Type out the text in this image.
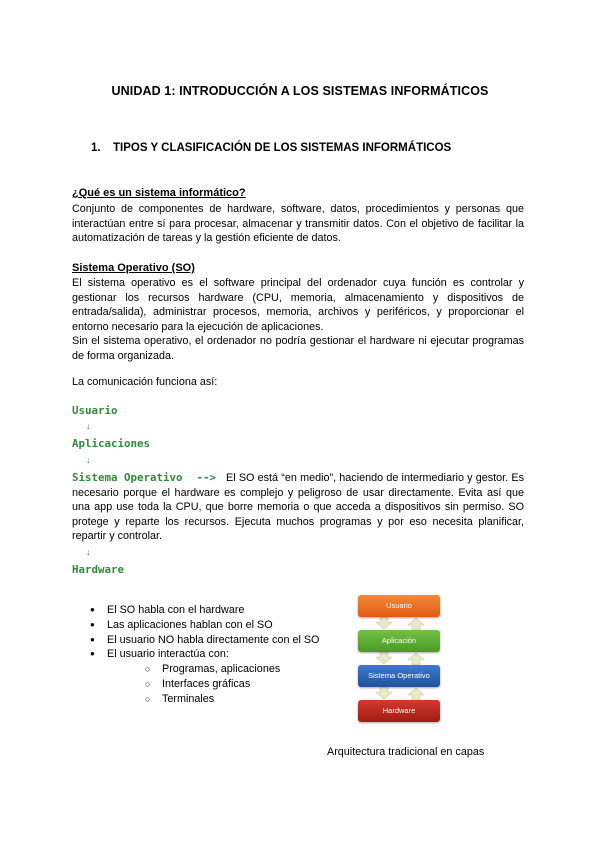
UNIDAD 1: INTRODUCCIÓN A LOS SISTEMAS INFORMÁTICOS
1. TIPOS Y CLASIFICACIÓN DE LOS SISTEMAS INFORMÁTICOS
¿Qué es un sistema informático?

Conjunto de componentes de hardware, software, datos, procedimientos y personas que interactúan entre sí para procesar, almacenar y transmitir datos. Con el objetivo de facilitar la automatización de tareas y la gestión eficiente de datos.

Sistema Operativo (SO)

El sistema operativo es el software principal del ordenador cuya función es controlar y gestionar los recursos hardware (CPU, memoria, almacenamiento y dispositivos de entrada/salida), administrar procesos, memoria, archivos y periféricos, y proporcionar el entorno necesario para la ejecución de aplicaciones.

Sin el sistema operativo, el ordenador no podría gestionar el hardware ni ejecutar programas de forma organizada.

La comunicación funciona así:
Usuario
↓
Aplicaciones
↓
Sistema Operativo --> El SO está “en medio”, haciendo de intermediario y gestor. Es necesario porque el hardware es complejo y peligroso de usar directamente. Evita así que una app use toda la CPU, que borre memoria o que acceda a dispositivos sin permiso. SO protege y reparte los recursos. Ejecuta muchos programas y por eso necesita planificar, repartir y controlar.
↓
Hardware
● El SO habla con el hardware
● Las aplicaciones hablan con el SO
● El usuario NO habla directamente con el SO
● El usuario interactúa con:
○ Programas, aplicaciones
○ Interfaces gráficas
○ Terminales
Usuario
Aplicación
Sistema Operativo
Hardware
Arquitectura tradicional en capas
